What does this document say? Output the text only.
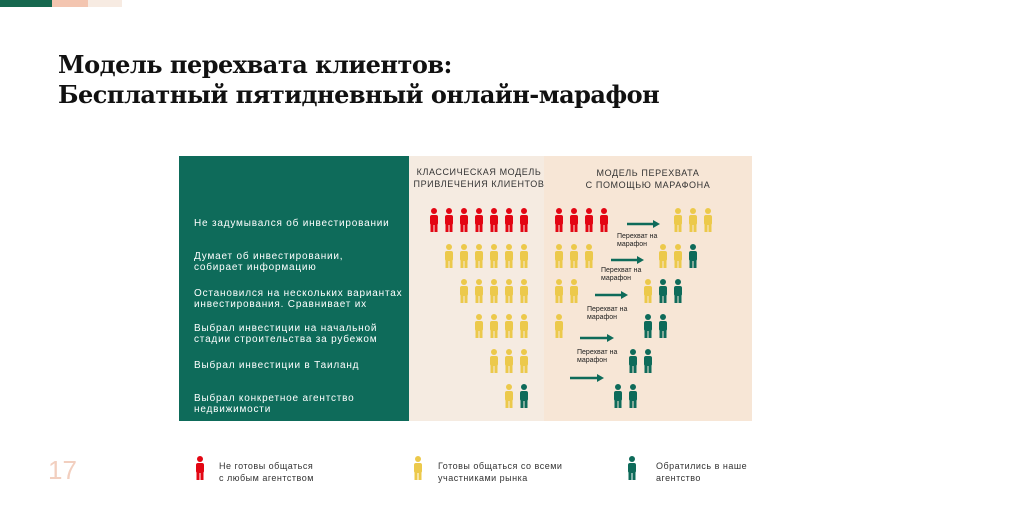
Модель перехвата клиентов:
Бесплатный пятидневный онлайн-марафон
Не задумывался об инвестировании
Думает об инвестировании,
собирает информацию
Остановился на нескольких вариантах
инвестирования. Сравнивает их
Выбрал инвестиции на начальной
стадии строительства за рубежом
Выбрал инвестиции в Таиланд
Выбрал конкретное агентство
недвижимости
КЛАССИЧЕСКАЯ МОДЕЛЬ
ПРИВЛЕЧЕНИЯ КЛИЕНТОВ
МОДЕЛЬ ПЕРЕХВАТА
С ПОМОЩЬЮ МАРАФОНА
Перехват на
марафон
Перехват на
марафон
Перехват на
марафон
Перехват на
марафон
17	Не готовы общаться
с любым агентством
Готовы общаться со всеми
участниками рынка
Обратились в наше
агентство
